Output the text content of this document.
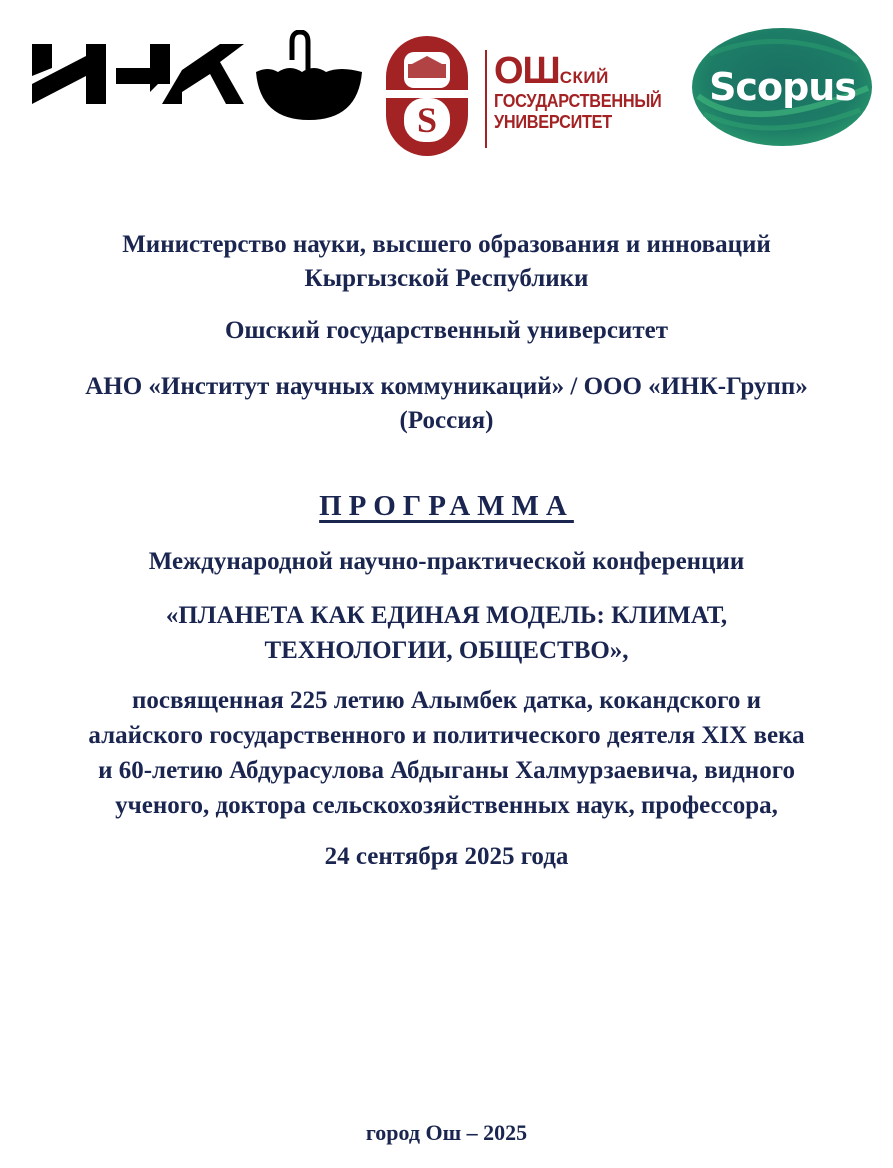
S
ОШСКИЙ
ГОСУДАРСТВЕННЫЙ
УНИВЕРСИТЕТ
Scopus
Министерство науки, высшего образования и инноваций
Кыргызской Республики
Ошский государственный университет
АНО «Институт научных коммуникаций» / ООО «ИНК-Групп»
(Россия)
ПРОГРАММА
Международной научно-практической конференции
«ПЛАНЕТА КАК ЕДИНАЯ МОДЕЛЬ: КЛИМАТ,
ТЕХНОЛОГИИ, ОБЩЕСТВО»,
посвященная 225 летию Алымбек датка, кокандского и
алайского государственного и политического деятеля XIX века
и 60-летию Абдурасулова Абдыганы Халмурзаевича, видного
ученого, доктора сельскохозяйственных наук, профессора,
24 сентября 2025 года
город Ош – 2025
